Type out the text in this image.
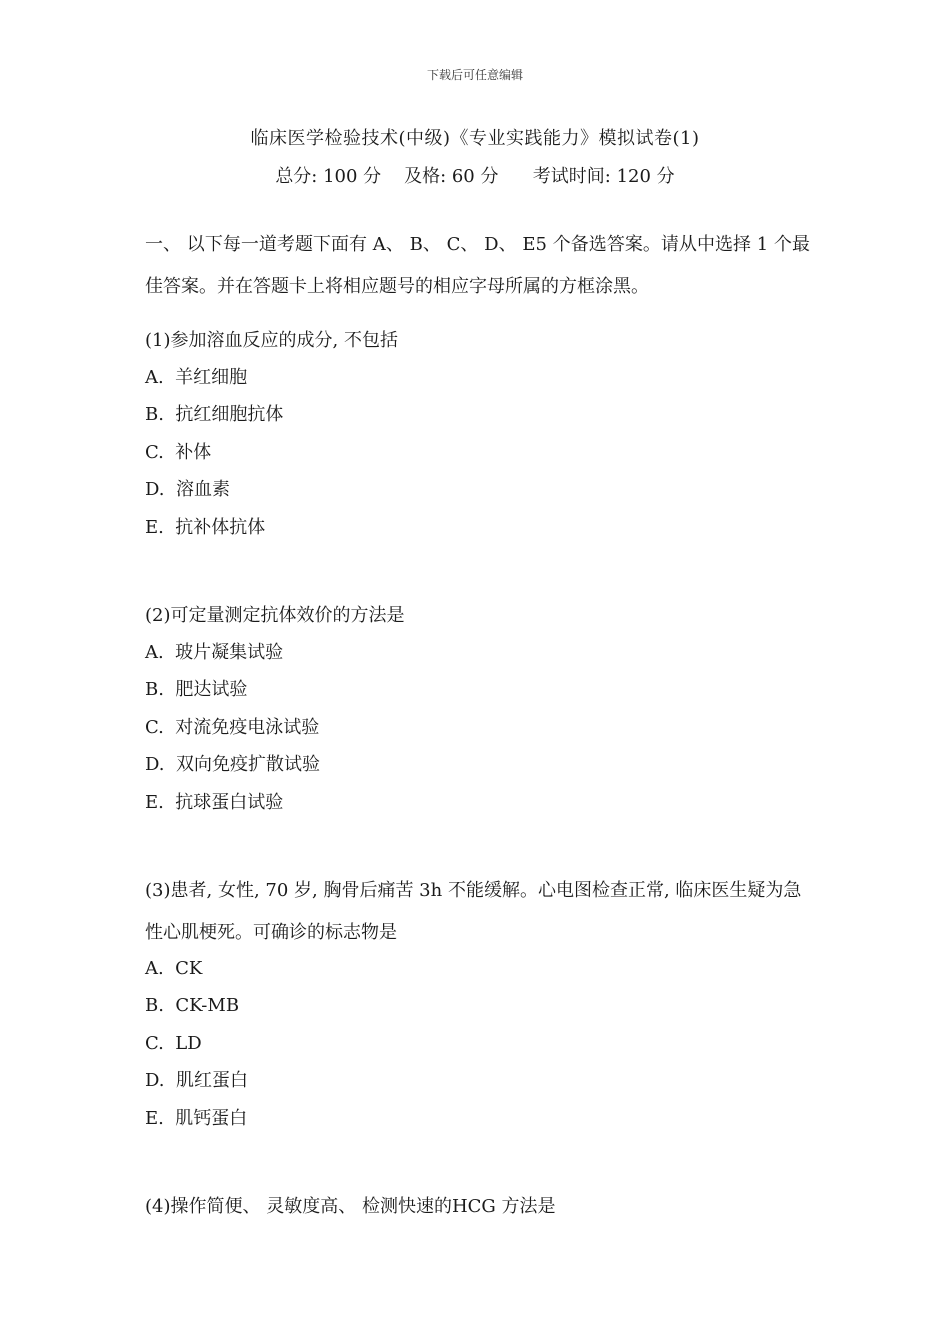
下载后可任意编辑
临床医学检验技术(中级)《专业实践能力》模拟试卷(1)
总分: 100 分    及格: 60 分      考试时间: 120 分
一、 以下每一道考题下面有 A、 B、 C、 D、 E5 个备选答案。请从中选择 1 个最佳答案。并在答题卡上将相应题号的相应字母所属的方框涂黑。
(1)参加溶血反应的成分, 不包括
A.  羊红细胞
B.  抗红细胞抗体
C.  补体
D.  溶血素
E.  抗补体抗体
(2)可定量测定抗体效价的方法是
A.  玻片凝集试验
B.  肥达试验
C.  对流免疫电泳试验
D.  双向免疫扩散试验
E.  抗球蛋白试验
(3)患者, 女性, 70 岁, 胸骨后痛苦 3h 不能缓解。心电图检查正常, 临床医生疑为急性心肌梗死。可确诊的标志物是
A.  CK
B.  CK-MB
C.  LD
D.  肌红蛋白
E.  肌钙蛋白
(4)操作简便、 灵敏度高、 检测快速的HCG 方法是
